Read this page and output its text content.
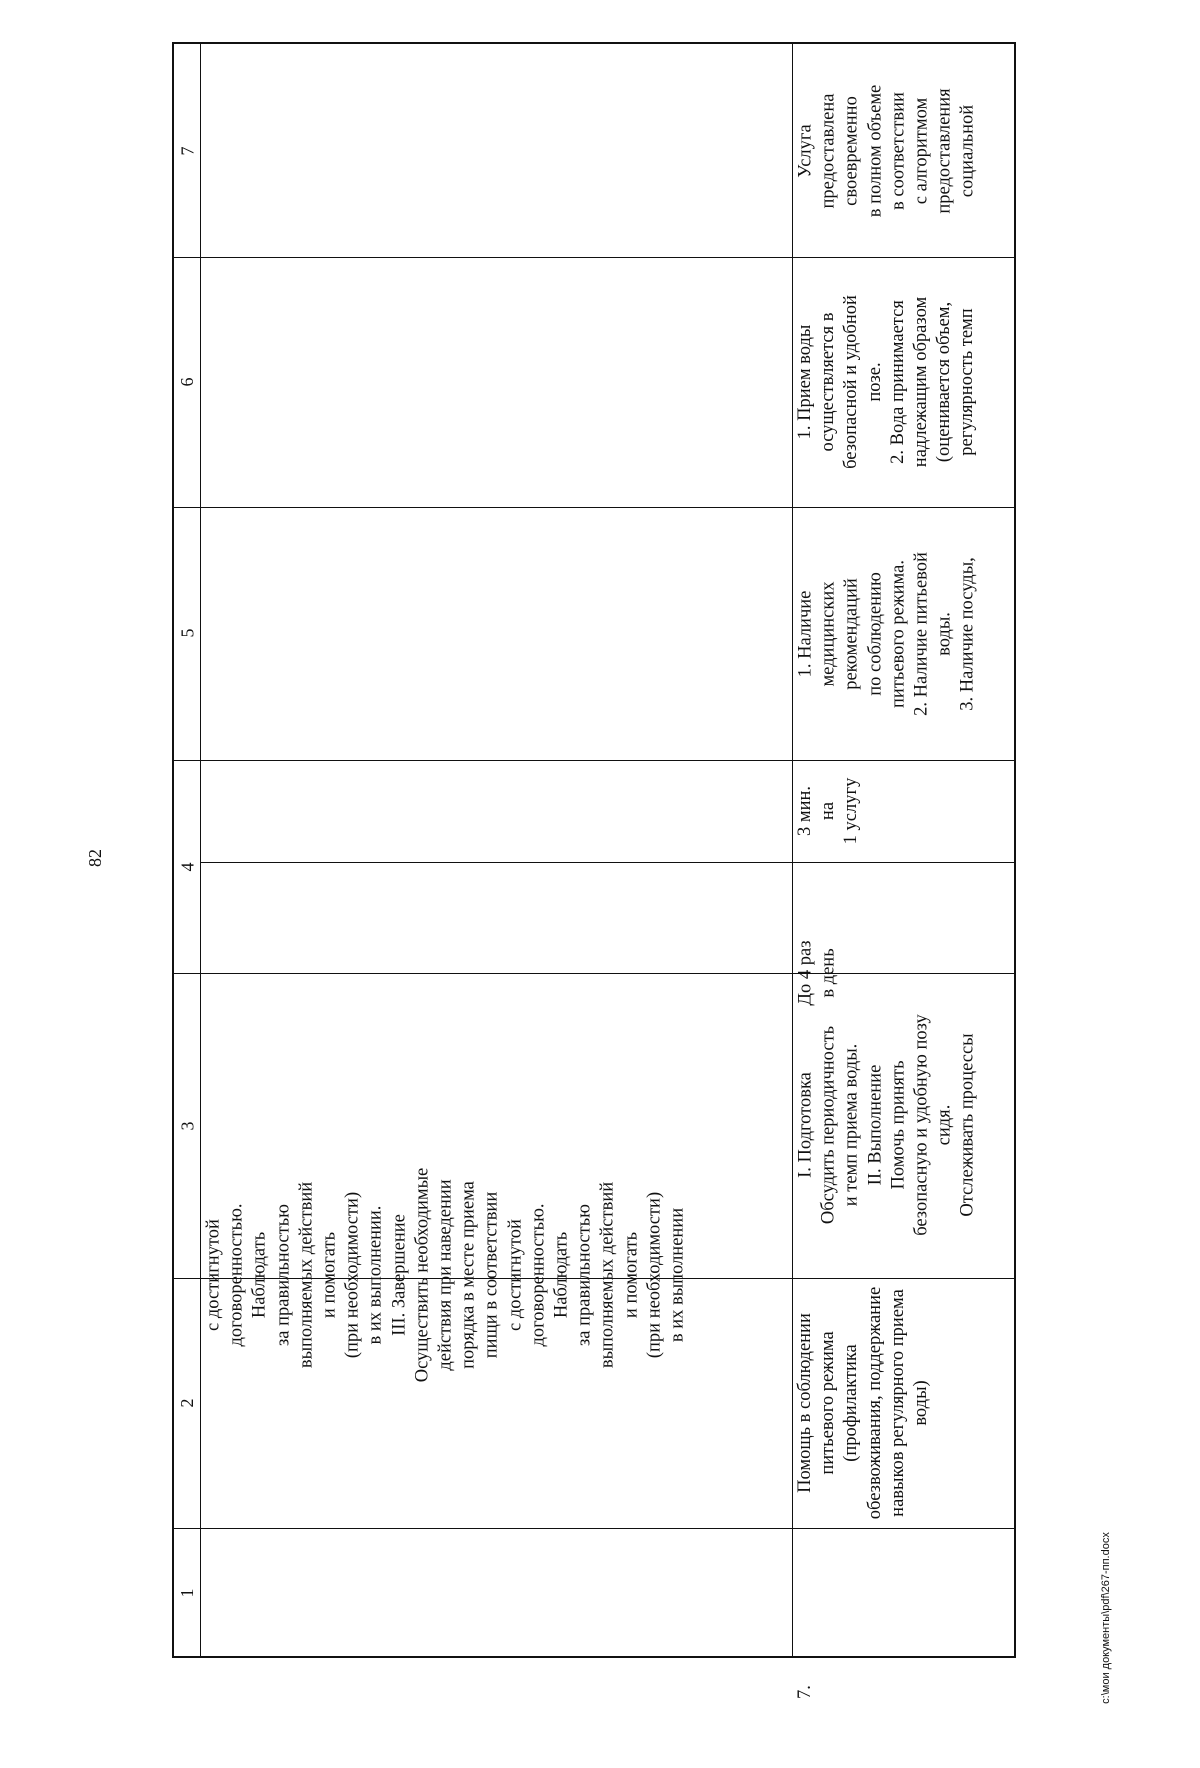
82
1
2
3
4
5
6
7
с достигнутой
договоренностью.
Наблюдать
за правильностью
выполняемых действий
и помогать
(при необходимости)
в их выполнении.
III. Завершение
Осуществить необходимые
действия при наведении
порядка в месте приема
пищи в соответствии
с достигнутой
договоренностью.
Наблюдать
за правильностью
выполняемых действий
и помогать
(при необходимости)
в их выполнении
7.
Помощь в соблюдении
питьевого режима
(профилактика
обезвоживания, поддержание
навыков регулярного приема
воды)
I. Подготовка
Обсудить периодичность
и темп приема воды.
II. Выполнение
Помочь принять
безопасную и удобную позу
сидя.
Отслеживать процессы
До 4 раз
в день
3 мин.
на
1 услугу
1. Наличие
медицинских
рекомендаций
по соблюдению
питьевого режима.
2. Наличие питьевой
воды.
3. Наличие посуды,
1. Прием воды
осуществляется в
безопасной и удобной
позе.
2. Вода принимается
надлежащим образом
(оценивается объем,
регулярность темп
Услуга
предоставлена
своевременно
в полном объеме
в соответствии
с алгоритмом
предоставления
социальной
c:\мои документы\pdf\267-пп.docx
